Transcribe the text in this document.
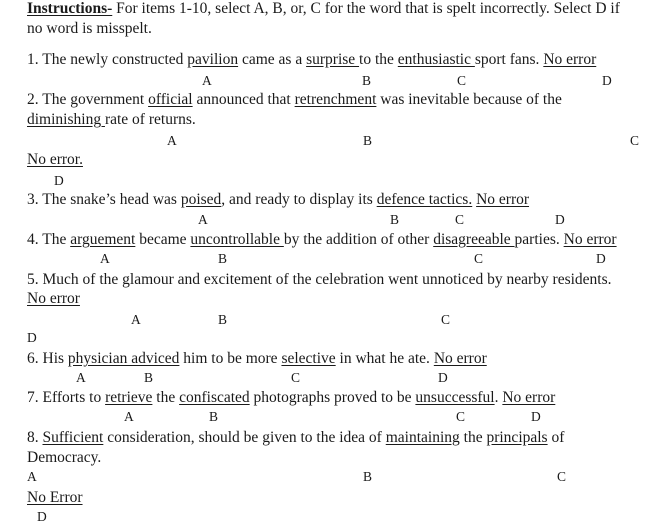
Instructions- For items 1-10, select A, B, or, C for the word that is spelt incorrectly. Select D if
no word is misspelt.
1. The newly constructed pavilion came as a surprise to the enthusiastic sport fans. No error
2. The government official announced that retrenchment was inevitable because of the
diminishing rate of returns.
No error.
3. The snake’s head was poised, and ready to display its defence tactics. No error
4. The arguement became uncontrollable by the addition of other disagreeable parties. No error
5. Much of the glamour and excitement of the celebration went unnoticed by nearby residents.
No error
6. His physician adviced him to be more selective in what he ate. No error
7. Efforts to retrieve the confiscated photographs proved to be unsuccessful. No error
8. Sufficient consideration, should be given to the idea of maintaining the principals of
Democracy.
No Error
A	B	C	D
A	B	C
D
A	B	C	D
A	B	C	D
A	B	C
D
A	B	C	D
A	B	C	D
A	B	C
D
